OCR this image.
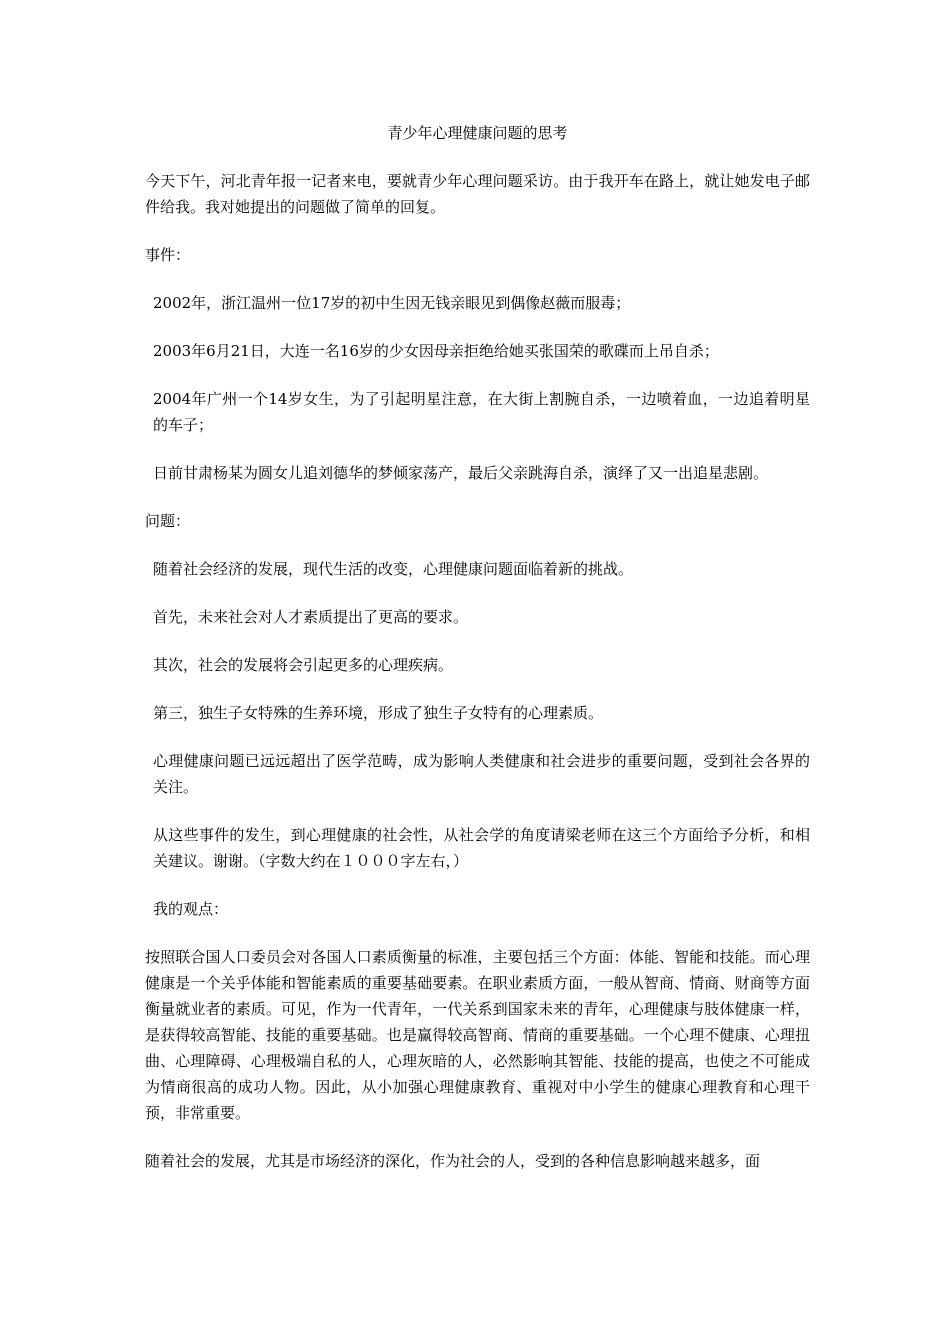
青少年心理健康问题的思考

今天下午，河北青年报一记者来电，要就青少年心理问题采访。由于我开车在路上，就让她发电子邮件给我。我对她提出的问题做了简单的回复。

事件：

2002年，浙江温州一位17岁的初中生因无钱亲眼见到偶像赵薇而服毒；

2003年6月21日，大连一名16岁的少女因母亲拒绝给她买张国荣的歌碟而上吊自杀；

2004年广州一个14岁女生，为了引起明星注意，在大街上割腕自杀，一边喷着血，一边追着明星的车子；

日前甘肃杨某为圆女儿追刘德华的梦倾家荡产，最后父亲跳海自杀，演绎了又一出追星悲剧。

问题：

随着社会经济的发展，现代生活的改变，心理健康问题面临着新的挑战。

首先，未来社会对人才素质提出了更高的要求。

其次，社会的发展将会引起更多的心理疾病。

第三，独生子女特殊的生养环境，形成了独生子女特有的心理素质。

心理健康问题已远远超出了医学范畴，成为影响人类健康和社会进步的重要问题，受到社会各界的关注。

从这些事件的发生，到心理健康的社会性，从社会学的角度请梁老师在这三个方面给予分析，和相关建议。谢谢。（字数大约在１０００字左右，）

我的观点：

按照联合国人口委员会对各国人口素质衡量的标准，主要包括三个方面：体能、智能和技能。而心理健康是一个关乎体能和智能素质的重要基础要素。在职业素质方面，一般从智商、情商、财商等方面衡量就业者的素质。可见，作为一代青年，一代关系到国家未来的青年，心理健康与肢体健康一样，是获得较高智能、技能的重要基础。也是赢得较高智商、情商的重要基础。一个心理不健康、心理扭曲、心理障碍、心理极端自私的人，心理灰暗的人，必然影响其智能、技能的提高，也使之不可能成为情商很高的成功人物。因此，从小加强心理健康教育、重视对中小学生的健康心理教育和心理干预，非常重要。

随着社会的发展，尤其是市场经济的深化，作为社会的人，受到的各种信息影响越来越多，面
